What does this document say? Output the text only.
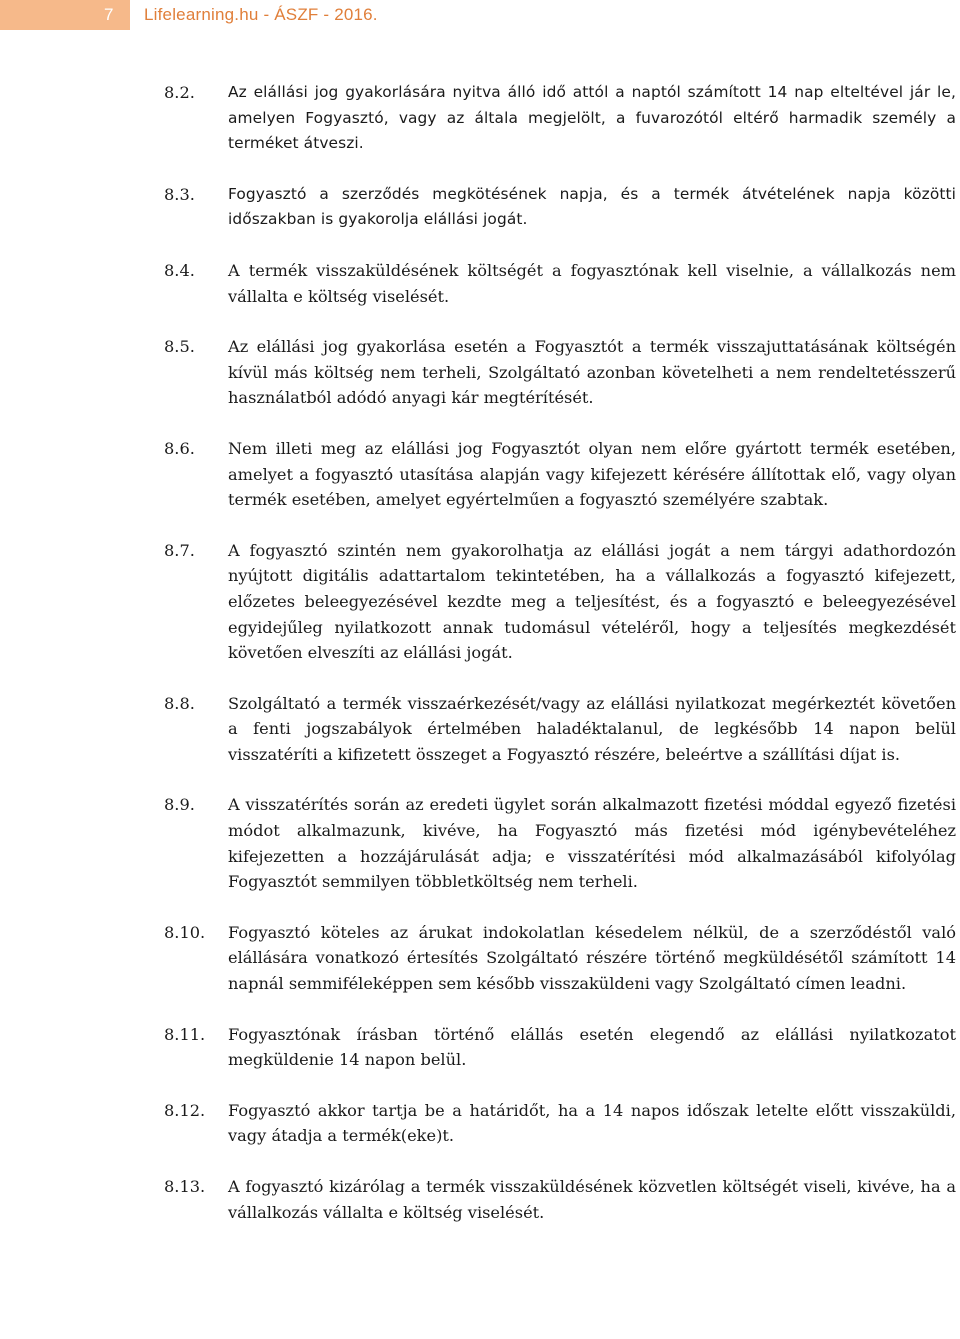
7	Lifelearning.hu - ÁSZF - 2016.
8.2.	Az elállási jog gyakorlására nyitva álló idő attól a naptól számított 14 nap elteltével jár le, amelyen Fogyasztó, vagy az általa megjelölt, a fuvarozótól eltérő harmadik személy a terméket átveszi.
8.3.	Fogyasztó a szerződés megkötésének napja, és a termék átvételének napja közötti időszakban is gyakorolja elállási jogát.
8.4.	A termék visszaküldésének költségét a fogyasztónak kell viselnie, a vállalkozás nem vállalta e költség viselését.
8.5.	Az elállási jog gyakorlása esetén a Fogyasztót a termék visszajuttatásának költségén kívül más költség nem terheli, Szolgáltató azonban követelheti a nem rendeltetésszerű használatból adódó anyagi kár megtérítését.
8.6.	Nem illeti meg az elállási jog Fogyasztót olyan nem előre gyártott termék esetében, amelyet a fogyasztó utasítása alapján vagy kifejezett kérésére állítottak elő, vagy olyan termék esetében, amelyet egyértelműen a fogyasztó személyére szabtak.
8.7.	A fogyasztó szintén nem gyakorolhatja az elállási jogát a nem tárgyi adathordozón nyújtott digitális adattartalom tekintetében, ha a vállalkozás a fogyasztó kifejezett, előzetes beleegyezésével kezdte meg a teljesítést, és a fogyasztó e beleegyezésével egyidejűleg nyilatkozott annak tudomásul vételéről, hogy a teljesítés megkezdését követően elveszíti az elállási jogát.
8.8.	Szolgáltató a termék visszaérkezését/vagy az elállási nyilatkozat megérkeztét követően a fenti jogszabályok értelmében haladéktalanul, de legkésőbb 14 napon belül visszatéríti a kifizetett összeget a Fogyasztó részére, beleértve a szállítási díjat is.
8.9.	A visszatérítés során az eredeti ügylet során alkalmazott fizetési móddal egyező fizetési módot alkalmazunk, kivéve, ha Fogyasztó más fizetési mód igénybevételéhez kifejezetten a hozzájárulását adja; e visszatérítési mód alkalmazásából kifolyólag Fogyasztót semmilyen többletköltség nem terheli.
8.10.	Fogyasztó köteles az árukat indokolatlan késedelem nélkül, de a szerződéstől való elállására vonatkozó értesítés Szolgáltató részére történő megküldésétől számított 14 napnál semmiféleképpen sem később visszaküldeni vagy Szolgáltató címen leadni.
8.11.	Fogyasztónak írásban történő elállás esetén elegendő az elállási nyilatkozatot megküldenie 14 napon belül.
8.12.	Fogyasztó akkor tartja be a határidőt, ha a 14 napos időszak letelte előtt visszaküldi, vagy átadja a termék(eke)t.
8.13.	A fogyasztó kizárólag a termék visszaküldésének közvetlen költségét viseli, kivéve, ha a vállalkozás vállalta e költség viselését.
